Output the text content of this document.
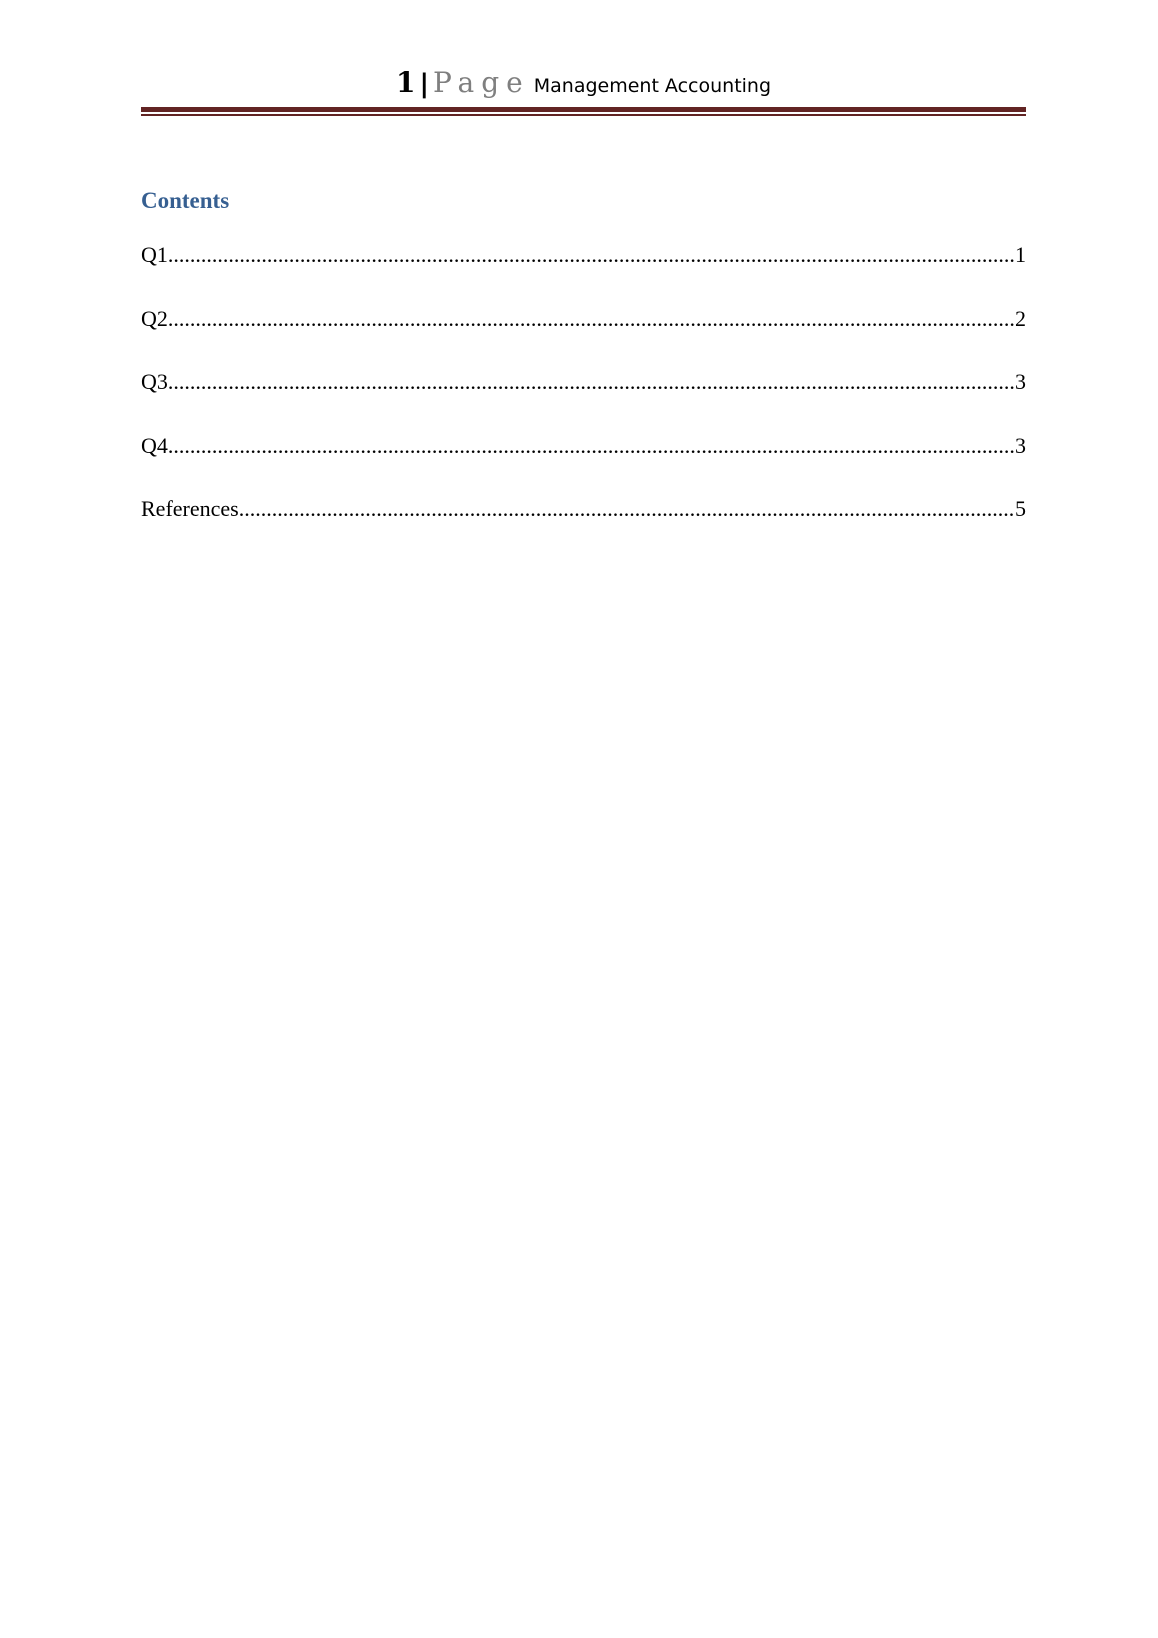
1 | Page Management Accounting
Contents
Q1 .....	1
Q2 .....	2
Q3 .....	3
Q4 .....	3
References .....	5
